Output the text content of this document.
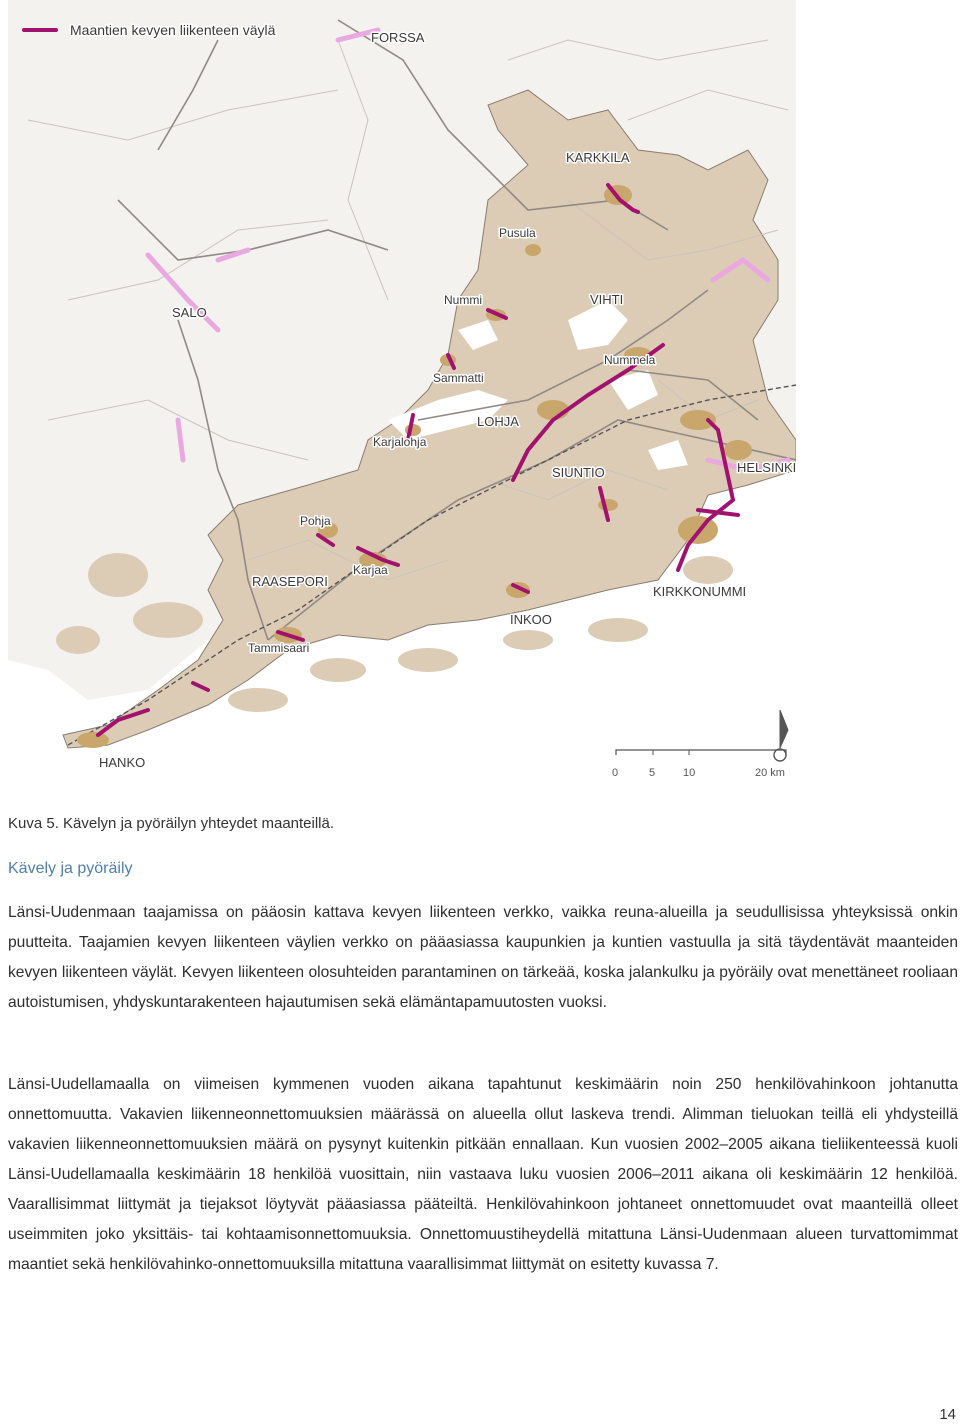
Maantien kevyen liikenteen väylä	FORSSA
KARKKILA
Pusula
SALO
Nummi	VIHTI
Nummela
Sammatti
LOHJA
Karjalohja
SIUNTIO	HELSINKI
Pohja
Karjaa
RAASEPORI
KIRKKONUMMI
INKOO
Tammisaari
HANKO
0	5	10	20 km
Kuva 5. Kävelyn ja pyöräilyn yhteydet maanteillä.
Kävely ja pyöräily

Länsi-Uudenmaan taajamissa on pääosin kattava kevyen liikenteen verkko, vaikka reuna-alueilla ja seudullisissa yhteyksissä onkin puutteita. Taajamien kevyen liikenteen väylien verkko on pääasiassa kaupunkien ja kuntien vastuulla ja sitä täydentävät maanteiden kevyen liikenteen väylät. Kevyen liikenteen olosuhteiden parantaminen on tärkeää, koska jalankulku ja pyöräily ovat menettäneet rooliaan autoistumisen, yhdyskuntarakenteen hajautumisen sekä elämäntapamuutosten vuoksi.

Länsi-Uudellamaalla on viimeisen kymmenen vuoden aikana tapahtunut keskimäärin noin 250 henkilövahinkoon johtanutta onnettomuutta. Vakavien liikenneonnettomuuksien määrässä on alueella ollut laskeva trendi. Alimman tieluokan teillä eli yhdysteillä vakavien liikenneonnettomuuksien määrä on pysynyt kuitenkin pitkään ennallaan. Kun vuosien 2002–2005 aikana tieliikenteessä kuoli Länsi-Uudellamaalla keskimäärin 18 henkilöä vuosittain, niin vastaava luku vuosien 2006–2011 aikana oli keskimäärin 12 henkilöä. Vaarallisimmat liittymät ja tiejaksot löytyvät pääasiassa pääteiltä. Henkilövahinkoon johtaneet onnettomuudet ovat maanteillä olleet useimmiten joko yksittäis- tai kohtaamisonnettomuuksia. Onnettomuustiheydellä mitattuna Länsi-Uudenmaan alueen turvattomimmat maantiet sekä henkilövahinko-onnettomuuksilla mitattuna vaarallisimmat liittymät on esitetty kuvassa 7.

14
